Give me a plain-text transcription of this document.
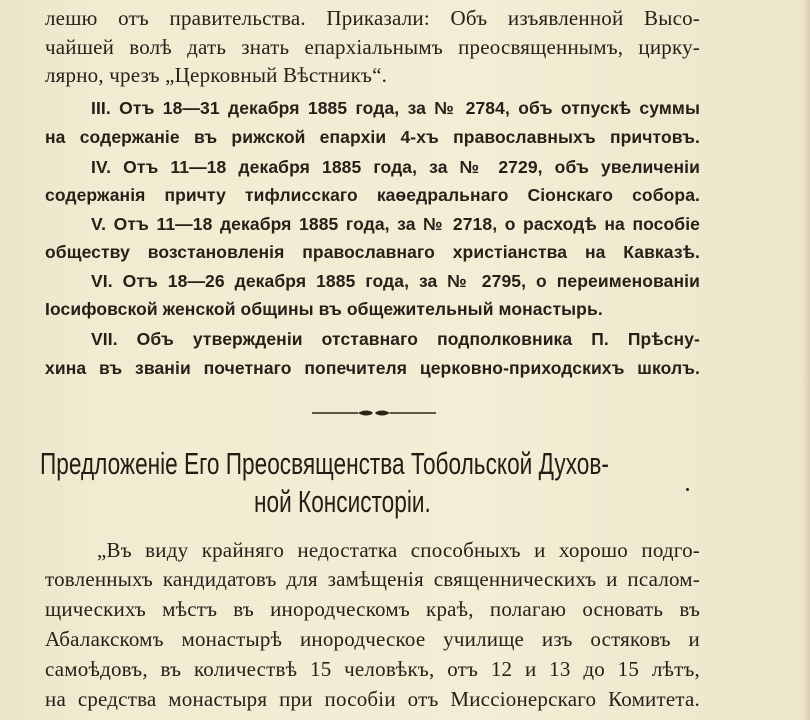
лешю отъ правительства. Приказали: Объ изъявленной Высо-
чайшей волѣ дать знать епархіальнымъ преосвященнымъ, цирку-
лярно, чрезъ „Церковный Вѣстникъ“.
III. Отъ 18—31 декабря 1885 года, за № 2784, объ отпускѣ суммы
на содержаніе въ рижской епархіи 4-хъ православныхъ причтовъ.
IV. Отъ 11—18 декабря 1885 года, за № 2729, объ увеличеніи
содержанія причту тифлисскаго каѳедральнаго Сіонскаго собора.
V. Отъ 11—18 декабря 1885 года, за № 2718, о расходѣ на пособіе
обществу возстановленія православнаго христіанства на Кавказѣ.
VI. Отъ 18—26 декабря 1885 года, за № 2795, о переименованіи
Іосифовской женской общины въ общежительный монастырь.
VII. Объ утвержденіи отставнаго подполковника П. Прѣсну-
хина въ званіи почетнаго попечителя церковно-приходскихъ школъ.
Предложеніе Его Преосвященства Тобольской Духов-
ной Консисторіи.
„Въ виду крайняго недостатка способныхъ и хорошо подго-
товленныхъ кандидатовъ для замѣщенія священническихъ и псалом-
щическихъ мѣстъ въ инородческомъ краѣ, полагаю основать въ
Абалакскомъ монастырѣ инородческое училище изъ остяковъ и
самоѣдовъ, въ количествѣ 15 человѣкъ, отъ 12 и 13 до 15 лѣтъ,
на средства монастыря при пособіи отъ Миссіонерскаго Комитета.
